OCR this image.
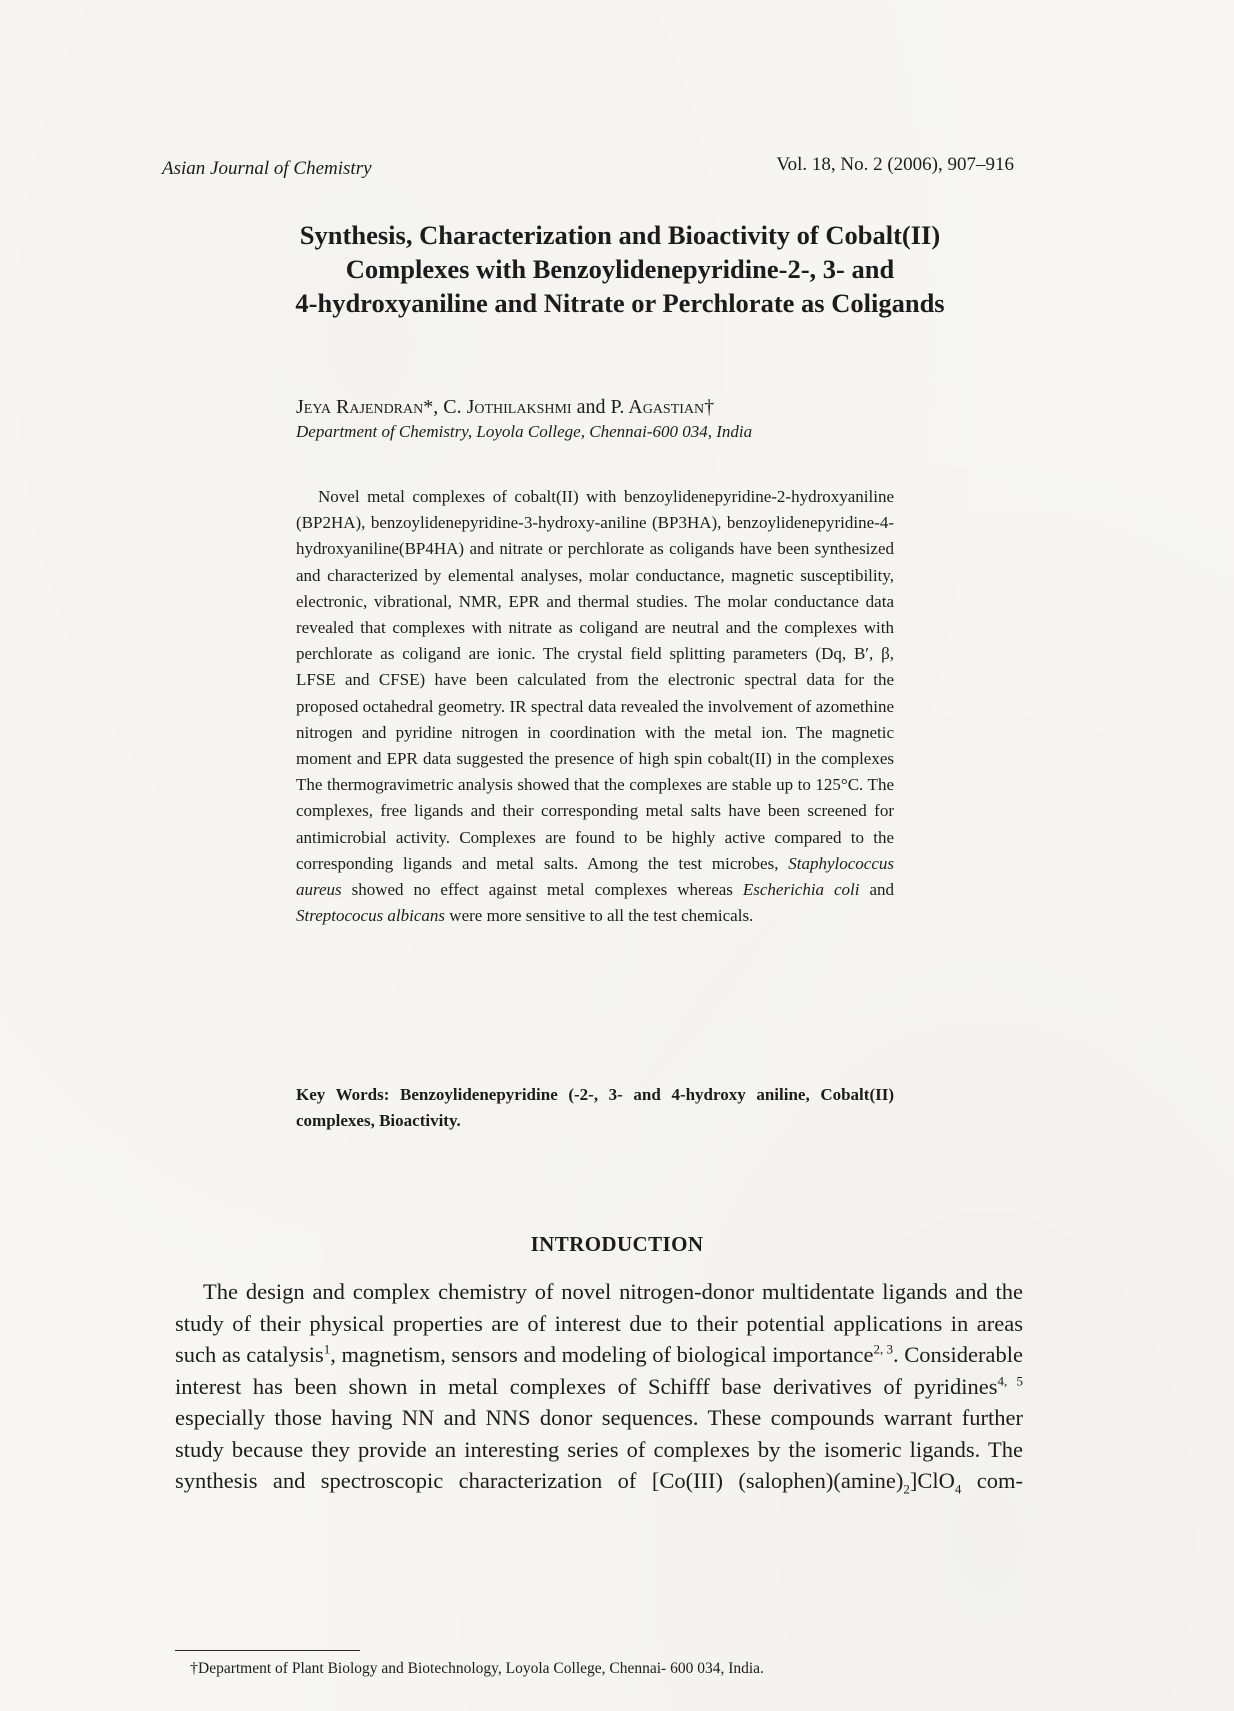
Asian Journal of Chemistry	Vol. 18, No. 2 (2006), 907–916
Synthesis, Characterization and Bioactivity of Cobalt(II)
Complexes with Benzoylidenepyridine-2-, 3- and
4-hydroxyaniline and Nitrate or Perchlorate as Coligands
Jeya Rajendran*, C. Jothilakshmi and P. Agastian†
Department of Chemistry, Loyola College, Chennai-600 034, India
Novel metal complexes of cobalt(II) with benzoylidenepyridine-2-hydroxyaniline (BP2HA), benzoylidenepyridine-3-hydroxy-aniline (BP3HA), benzoylidenepyridine-4-hydroxyaniline(BP4HA) and nitrate or perchlorate as coligands have been synthesized and characterized by elemental analyses, molar conductance, magnetic susceptibility, electronic, vibrational, NMR, EPR and thermal studies. The molar conductance data revealed that complexes with nitrate as coligand are neutral and the complexes with perchlorate as coligand are ionic. The crystal field splitting parameters (Dq, B′, β, LFSE and CFSE) have been calculated from the electronic spectral data for the proposed octahedral geometry. IR spectral data revealed the involvement of azomethine nitrogen and pyridine nitrogen in coordination with the metal ion. The magnetic moment and EPR data suggested the presence of high spin cobalt(II) in the complexes The thermogravimetric analysis showed that the complexes are stable up to 125°C. The complexes, free ligands and their corresponding metal salts have been screened for antimicrobial activity. Complexes are found to be highly active compared to the corresponding ligands and metal salts. Among the test microbes, Staphylococcus aureus showed no effect against metal complexes whereas Escherichia coli and Streptococus albicans were more sensitive to all the test chemicals.
Key Words: Benzoylidenepyridine (-2-, 3- and 4-hydroxy aniline, Cobalt(II) complexes, Bioactivity.
INTRODUCTION
The design and complex chemistry of novel nitrogen-donor multidentate ligands and the study of their physical properties are of interest due to their potential applications in areas such as catalysis$^1$, magnetism, sensors and modeling of biological importance$^{2, 3}$. Considerable interest has been shown in metal complexes of Schifff base derivatives of pyridines$^{4, 5}$ especially those having NN and NNS donor sequences. These compounds warrant further study because they provide an interesting series of complexes by the isomeric ligands. The synthesis and spectroscopic characterization of [Co(III) $(salophen)(amine)_2]ClO_4$ com-
†Department of Plant Biology and Biotechnology, Loyola College, Chennai- 600 034, India.
